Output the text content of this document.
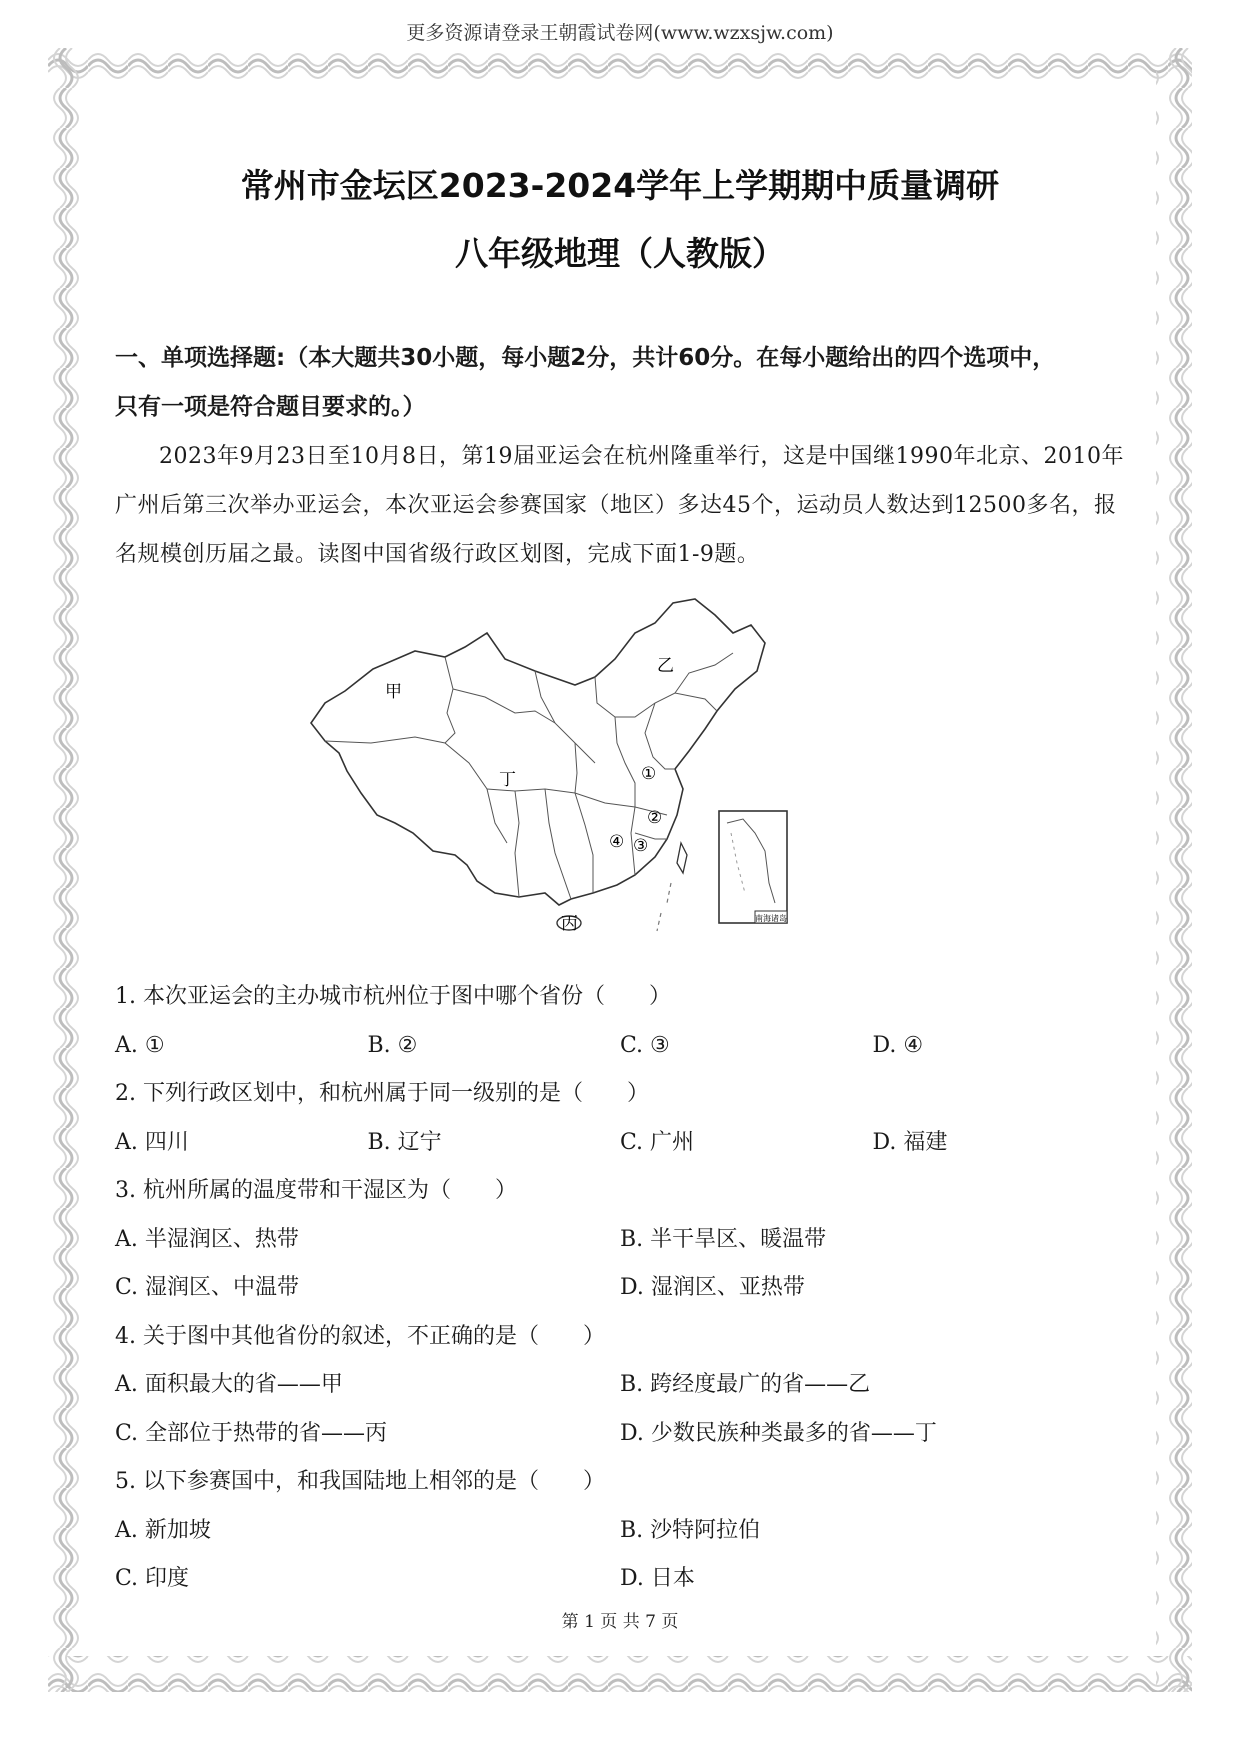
更多资源请登录王朝霞试卷网(www.wzxsjw.com)
常州市金坛区2023-2024学年上学期期中质量调研
八年级地理（人教版）

一、单项选择题:（本大题共30小题，每小题2分，共计60分。在每小题给出的四个选项中，

只有一项是符合题目要求的。）

2023年9月23日至10月8日，第19届亚运会在杭州隆重举行，这是中国继1990年北京、2010年广州后第三次举办亚运会，本次亚运会参赛国家（地区）多达45个，运动员人数达到12500多名，报名规模创历届之最。读图中国省级行政区划图，完成下面1-9题。

南海诸岛
甲
乙
丙
丁	①
②
③
④

1. 本次亚运会的主办城市杭州位于图中哪个省份（　　）

A. ①	B. ②	C. ③	D. ④

2. 下列行政区划中，和杭州属于同一级别的是（　　）

A. 四川	B. 辽宁	C. 广州	D. 福建

3. 杭州所属的温度带和干湿区为（　　）

A. 半湿润区、热带	B. 半干旱区、暖温带
C. 湿润区、中温带	D. 湿润区、亚热带

4. 关于图中其他省份的叙述，不正确的是（　　）

A. 面积最大的省——甲	B. 跨经度最广的省——乙
C. 全部位于热带的省——丙	D. 少数民族种类最多的省——丁

5. 以下参赛国中，和我国陆地上相邻的是（　　）

A. 新加坡	B. 沙特阿拉伯
C. 印度	D. 日本
第 1 页 共 7 页
